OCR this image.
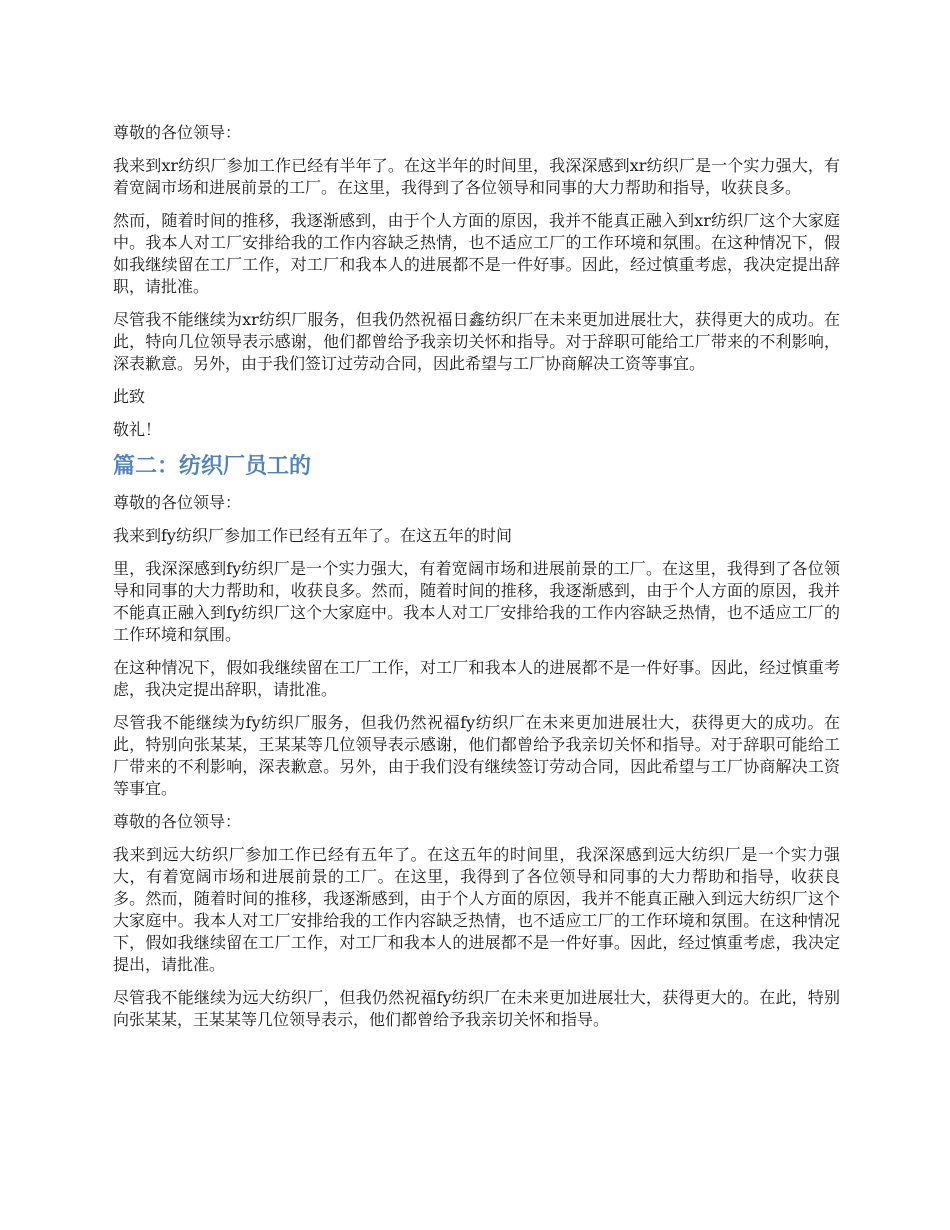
尊敬的各位领导：

我来到xr纺织厂参加工作已经有半年了。在这半年的时间里，我深深感到xr纺织厂是一个实力强大，有着宽阔市场和进展前景的工厂。在这里，我得到了各位领导和同事的大力帮助和指导，收获良多。

然而，随着时间的推移，我逐渐感到，由于个人方面的原因，我并不能真正融入到xr纺织厂这个大家庭中。我本人对工厂安排给我的工作内容缺乏热情，也不适应工厂的工作环境和氛围。在这种情况下，假如我继续留在工厂工作，对工厂和我本人的进展都不是一件好事。因此，经过慎重考虑，我决定提出辞职，请批准。

尽管我不能继续为xr纺织厂服务，但我仍然祝福日鑫纺织厂在未来更加进展壮大，获得更大的成功。在此，特向几位领导表示感谢，他们都曾给予我亲切关怀和指导。对于辞职可能给工厂带来的不利影响，深表歉意。另外，由于我们签订过劳动合同，因此希望与工厂协商解决工资等事宜。

此致

敬礼！

篇二：纺织厂员工的

尊敬的各位领导：

我来到fy纺织厂参加工作已经有五年了。在这五年的时间

里，我深深感到fy纺织厂是一个实力强大，有着宽阔市场和进展前景的工厂。在这里，我得到了各位领导和同事的大力帮助和，收获良多。然而，随着时间的推移，我逐渐感到，由于个人方面的原因，我并不能真正融入到fy纺织厂这个大家庭中。我本人对工厂安排给我的工作内容缺乏热情，也不适应工厂的工作环境和氛围。

在这种情况下，假如我继续留在工厂工作，对工厂和我本人的进展都不是一件好事。因此，经过慎重考虑，我决定提出辞职，请批准。

尽管我不能继续为fy纺织厂服务，但我仍然祝福fy纺织厂在未来更加进展壮大，获得更大的成功。在此，特别向张某某，王某某等几位领导表示感谢，他们都曾给予我亲切关怀和指导。对于辞职可能给工厂带来的不利影响，深表歉意。另外，由于我们没有继续签订劳动合同，因此希望与工厂协商解决工资等事宜。

尊敬的各位领导：

我来到远大纺织厂参加工作已经有五年了。在这五年的时间里，我深深感到远大纺织厂是一个实力强大，有着宽阔市场和进展前景的工厂。在这里，我得到了各位领导和同事的大力帮助和指导，收获良多。然而，随着时间的推移，我逐渐感到，由于个人方面的原因，我并不能真正融入到远大纺织厂这个大家庭中。我本人对工厂安排给我的工作内容缺乏热情，也不适应工厂的工作环境和氛围。在这种情况下，假如我继续留在工厂工作，对工厂和我本人的进展都不是一件好事。因此，经过慎重考虑，我决定提出，请批准。

尽管我不能继续为远大纺织厂，但我仍然祝福fy纺织厂在未来更加进展壮大，获得更大的。在此，特别向张某某，王某某等几位领导表示，他们都曾给予我亲切关怀和指导。
